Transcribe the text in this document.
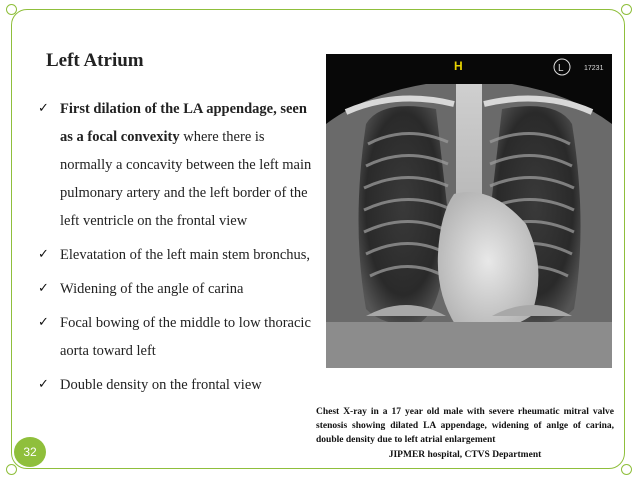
Left Atrium
✓ First dilation of the LA appendage, seen as a focal convexity where there is normally a concavity between the left main pulmonary artery and the left border of the left ventricle on the frontal view
✓ Elevatation of the left main stem bronchus,
✓ Widening of the angle of carina
✓ Focal bowing of the middle to low thoracic aorta toward left
✓ Double density on the frontal view
H	L	17231
Chest X-ray in a 17 year old male with severe rheumatic mitral valve stenosis showing dilated LA appendage, widening of anlge of carina, double density due to left atrial enlargement
JIPMER hospital, CTVS Department
32
